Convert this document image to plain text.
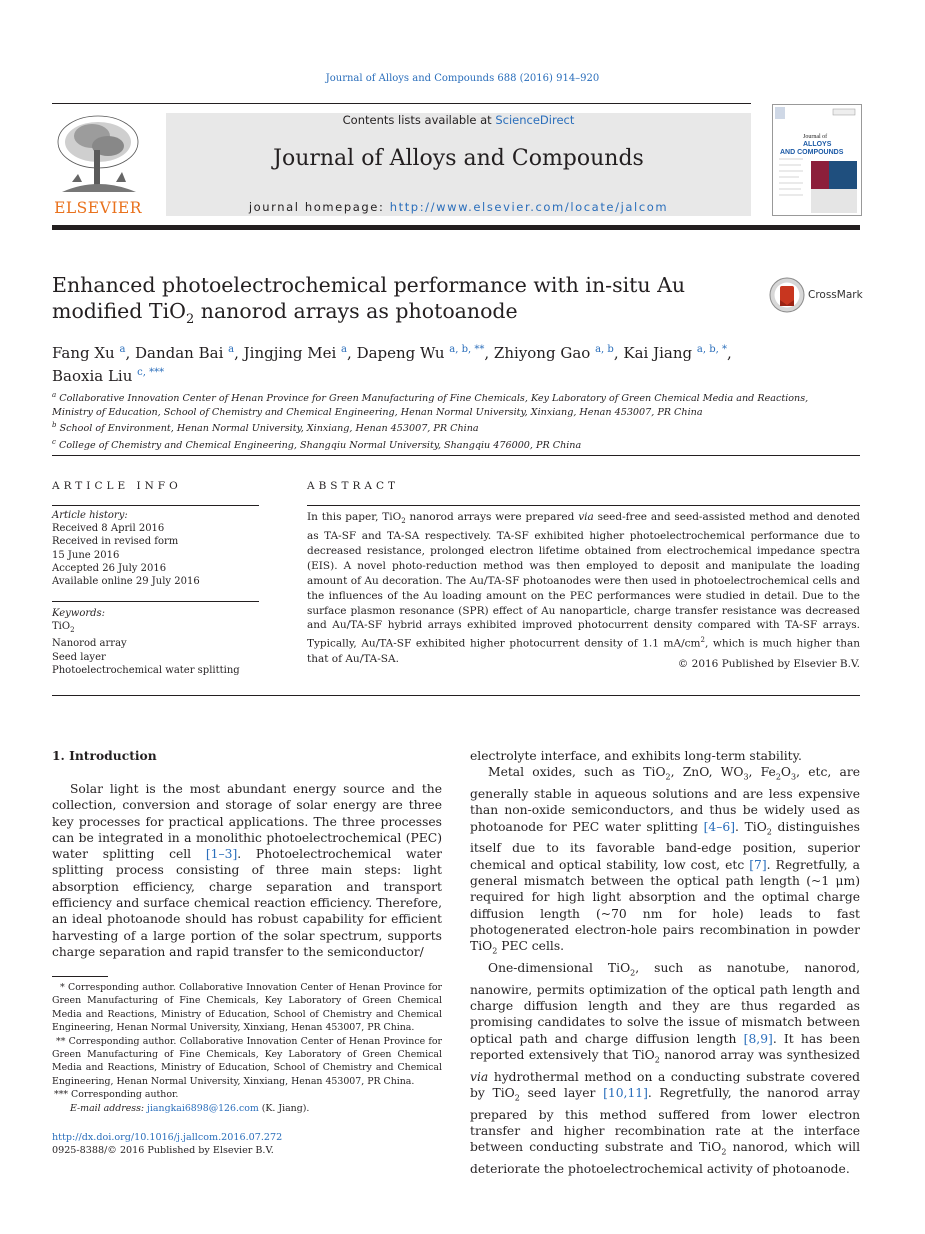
Journal of Alloys and Compounds 688 (2016) 914–920
ELSEVIER
Contents lists available at ScienceDirect
Journal of Alloys and Compounds
journal homepage: http://www.elsevier.com/locate/jalcom
Journal of
ALLOYS
AND COMPOUNDS
Enhanced photoelectrochemical performance with in-situ Au
modified TiO$_2$ nanorod arrays as photoanode
CrossMark
Fang Xu $^a$, Dandan Bai $^a$, Jingjing Mei $^a$, Dapeng Wu $^{a, b, **}$, Zhiyong Gao $^{a, b}$, Kai Jiang $^{a, b, *}$,
Baoxia Liu $^{c, ***}$
$^a$ Collaborative Innovation Center of Henan Province for Green Manufacturing of Fine Chemicals, Key Laboratory of Green Chemical Media and Reactions, Ministry of Education, School of Chemistry and Chemical Engineering, Henan Normal University, Xinxiang, Henan 453007, PR China
$^b$ School of Environment, Henan Normal University, Xinxiang, Henan 453007, PR China
$^c$ College of Chemistry and Chemical Engineering, Shangqiu Normal University, Shangqiu 476000, PR China
ARTICLE INFO
Article history:
Received 8 April 2016
Received in revised form
15 June 2016
Accepted 26 July 2016
Available online 29 July 2016
Keywords:
TiO$_2$
Nanorod array
Seed layer
Photoelectrochemical water splitting
ABSTRACT
In this paper, TiO$_2$ nanorod arrays were prepared via seed-free and seed-assisted method and denoted as TA-SF and TA-SA respectively. TA-SF exhibited higher photoelectrochemical performance due to decreased resistance, prolonged electron lifetime obtained from electrochemical impedance spectra (EIS). A novel photo-reduction method was then employed to deposit and manipulate the loading amount of Au decoration. The Au/TA-SF photoanodes were then used in photoelectrochemical cells and the influences of the Au loading amount on the PEC performances were studied in detail. Due to the surface plasmon resonance (SPR) effect of Au nanoparticle, charge transfer resistance was decreased and Au/TA-SF hybrid arrays exhibited improved photocurrent density compared with TA-SF arrays. Typically, Au/TA-SF exhibited higher photocurrent density of 1.1 $mA/cm^2$, which is much higher than that of Au/TA-SA.	© 2016 Published by Elsevier B.V.
1. Introduction

Solar light is the most abundant energy source and the collection, conversion and storage of solar energy are three key processes for practical applications. The three processes can be integrated in a monolithic photoelectrochemical (PEC) water splitting cell [1–3]. Photoelectrochemical water splitting process consisting of three main steps: light absorption efficiency, charge separation and transport efficiency and surface chemical reaction efficiency. Therefore, an ideal photoanode should has robust capability for efficient harvesting of a large portion of the solar spectrum, supports charge separation and rapid transfer to the semiconductor/

electrolyte interface, and exhibits long-term stability.

Metal oxides, such as TiO$_2$, ZnO, $WO_3$, $Fe_2O_3$, etc, are generally stable in aqueous solutions and are less expensive than non-oxide semiconductors, and thus be widely used as photoanode for PEC water splitting [4–6]. TiO$_2$ distinguishes itself due to its favorable band-edge position, superior chemical and optical stability, low cost, etc [7]. Regretfully, a general mismatch between the optical path length (~1 μm) required for high light absorption and the optimal charge diffusion length (~70 nm for hole) leads to fast photogenerated electron-hole pairs recombination in powder TiO$_2$ PEC cells.

One-dimensional TiO$_2$, such as nanotube, nanorod, nanowire, permits optimization of the optical path length and charge diffusion length and they are thus regarded as promising candidates to solve the issue of mismatch between optical path and charge diffusion length [8,9]. It has been reported extensively that TiO$_2$ nanorod array was synthesized via hydrothermal method on a conducting substrate covered by TiO$_2$ seed layer [10,11]. Regretfully, the nanorod array prepared by this method suffered from lower electron transfer and higher recombination rate at the interface between conducting substrate and TiO$_2$ nanorod, which will deteriorate the photoelectrochemical activity of photoanode.

* Corresponding author. Collaborative Innovation Center of Henan Province for Green Manufacturing of Fine Chemicals, Key Laboratory of Green Chemical Media and Reactions, Ministry of Education, School of Chemistry and Chemical Engineering, Henan Normal University, Xinxiang, Henan 453007, PR China.
** Corresponding author. Collaborative Innovation Center of Henan Province for Green Manufacturing of Fine Chemicals, Key Laboratory of Green Chemical Media and Reactions, Ministry of Education, School of Chemistry and Chemical Engineering, Henan Normal University, Xinxiang, Henan 453007, PR China.
*** Corresponding author.
E-mail address: jiangkai6898@126.com (K. Jiang).
http://dx.doi.org/10.1016/j.jallcom.2016.07.272
0925-8388/© 2016 Published by Elsevier B.V.
